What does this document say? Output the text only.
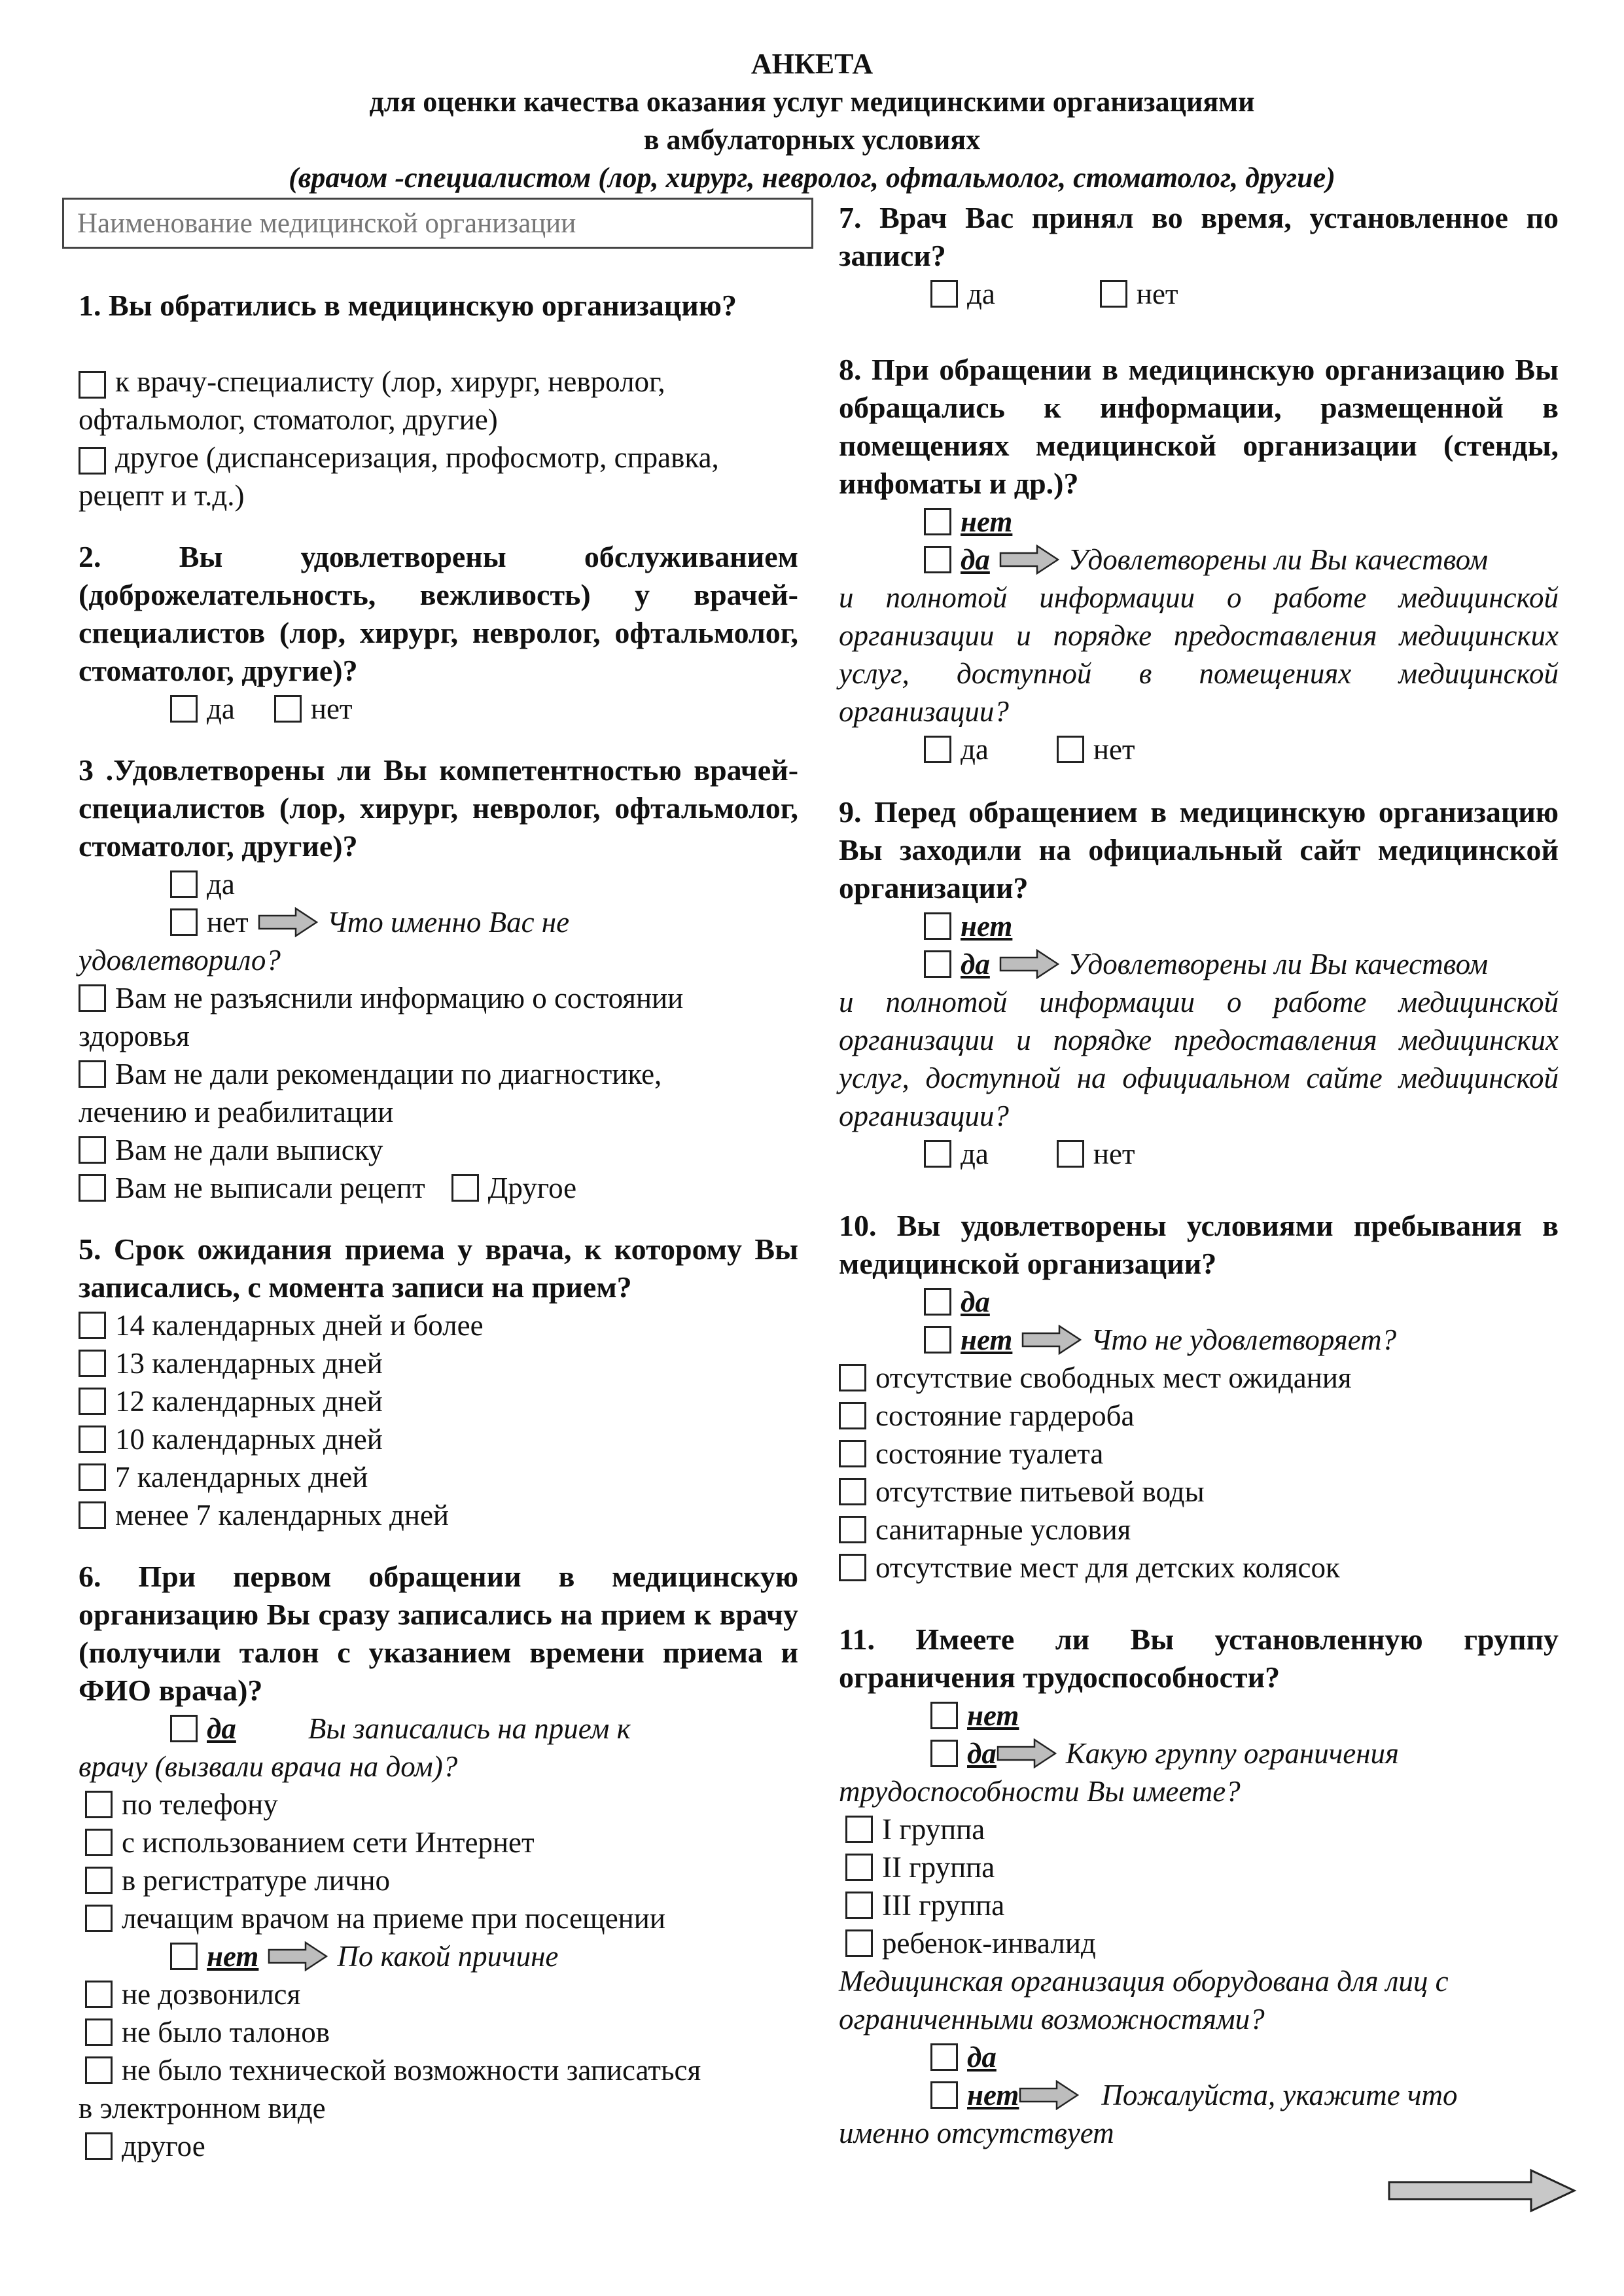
АНКЕТА
для оценки качества оказания услуг медицинскими организациями
в амбулаторных условиях
(врачом -специалистом (лор, хирург, невролог, офтальмолог, стоматолог, другие)
Наименование медицинской организации
1. Вы обратились в медицинскую организацию?
к врачу-специалисту (лор, хирург, невролог, офтальмолог, стоматолог, другие)
другое (диспансеризация, профосмотр, справка, рецепт и т.д.)
2. Вы удовлетворены обслуживанием (доброжелательность, вежливость) у врачей-специалистов (лор, хирург, невролог, офтальмолог, стоматолог, другие)?
да	нет
3 .Удовлетворены ли Вы компетентностью врачей-специалистов (лор, хирург, невролог, офтальмолог, стоматолог, другие)?
да
нет	Что именно Вас не
удовлетворило?
Вам не разъяснили информацию о состоянии
здоровья
Вам не дали рекомендации по диагностике,
лечению и реабилитации
Вам не дали выписку
Вам не выписали рецепт Другое
5. Срок ожидания приема у врача, к которому Вы записались, с момента записи на прием?
14 календарных дней и более
13 календарных дней
12 календарных дней
10 календарных дней
7 календарных дней
менее 7 календарных дней
6. При первом обращении в медицинскую организацию Вы сразу записались на прием к врачу (получили талон с указанием времени приема и ФИО врача)?
да Вы записались на прием к
врачу (вызвали врача на дом)?
по телефону
с использованием сети Интернет
в регистратуре лично
лечащим врачом на приеме при посещении
нет	По какой причине
не дозвонился
не было талонов
не было технической возможности записаться
в электронном виде
другое
7. Врач Вас принял во время, установленное по записи?
да	нет
8. При обращении в медицинскую организацию Вы обращались к информации, размещенной в помещениях медицинской организации (стенды, инфоматы и др.)?
нет
да	Удовлетворены ли Вы качеством
и полнотой информации о работе медицинской организации и порядке предоставления медицинских услуг, доступной в помещениях медицинской организации?
да	нет
9. Перед обращением в медицинскую организацию Вы заходили на официальный сайт медицинской организации?
нет
да	Удовлетворены ли Вы качеством
и полнотой информации о работе медицинской организации и порядке предоставления медицинских услуг, доступной на официальном сайте медицинской организации?
да	нет
10. Вы удовлетворены условиями пребывания в медицинской организации?
да
нет	Что не удовлетворяет?
отсутствие свободных мест ожидания
состояние гардероба
состояние туалета
отсутствие питьевой воды
санитарные условия
отсутствие мест для детских колясок
11. Имеете ли Вы установленную группу ограничения трудоспособности?
нет
да Какую группу ограничения
трудоспособности Вы имеете?
I группа
II группа
III группа
ребенок-инвалид
Медицинская организация оборудована для лиц с ограниченными возможностями?
да
нет	Пожалуйста, укажите что
именно отсутствует
